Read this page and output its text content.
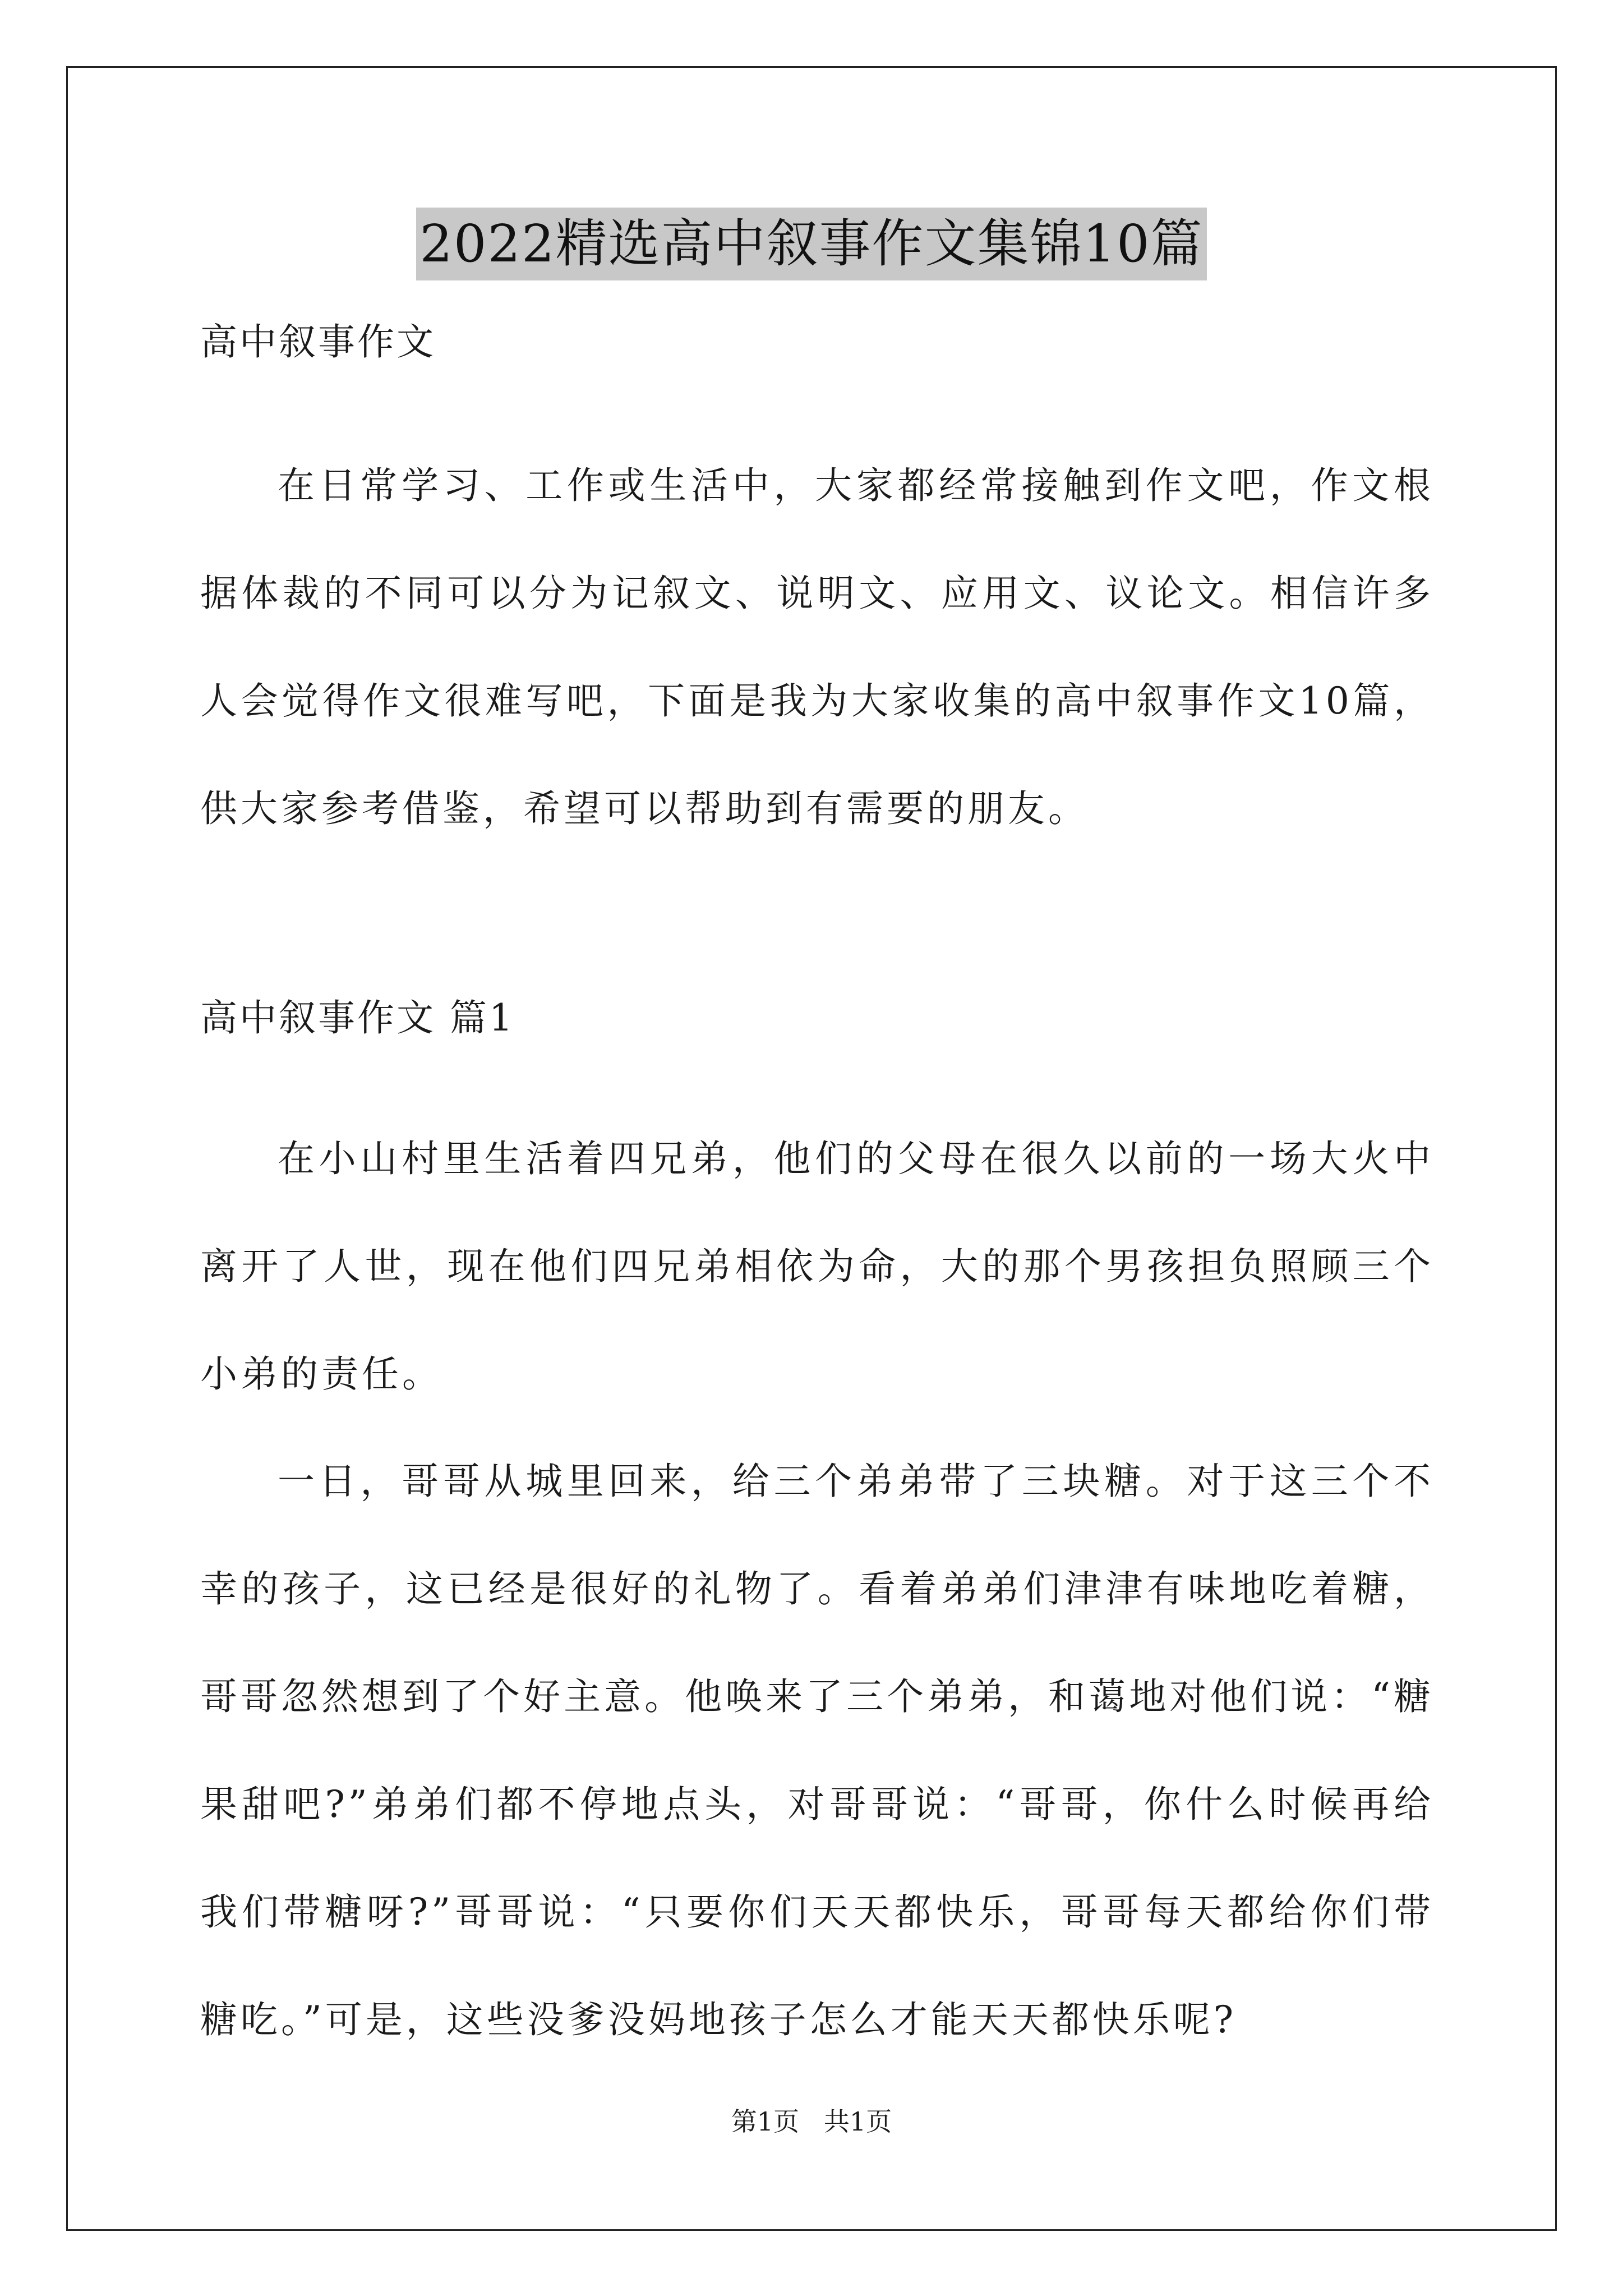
2022精选高中叙事作文集锦10篇
高中叙事作文

在日常学习、工作或生活中，大家都经常接触到作文吧，作文根据体裁的不同可以分为记叙文、说明文、应用文、议论文。相信许多人会觉得作文很难写吧，下面是我为大家收集的高中叙事作文10篇，供大家参考借鉴，希望可以帮助到有需要的朋友。

高中叙事作文 篇1

在小山村里生活着四兄弟，他们的父母在很久以前的一场大火中离开了人世，现在他们四兄弟相依为命，大的那个男孩担负照顾三个小弟的责任。

一日，哥哥从城里回来，给三个弟弟带了三块糖。对于这三个不幸的孩子，这已经是很好的礼物了。看着弟弟们津津有味地吃着糖，哥哥忽然想到了个好主意。他唤来了三个弟弟，和蔼地对他们说：“糖果甜吧?”弟弟们都不停地点头，对哥哥说：“哥哥，你什么时候再给我们带糖呀?”哥哥说：“只要你们天天都快乐，哥哥每天都给你们带糖吃。”可是，这些没爹没妈地孩子怎么才能天天都快乐呢?

第1页   共1页
